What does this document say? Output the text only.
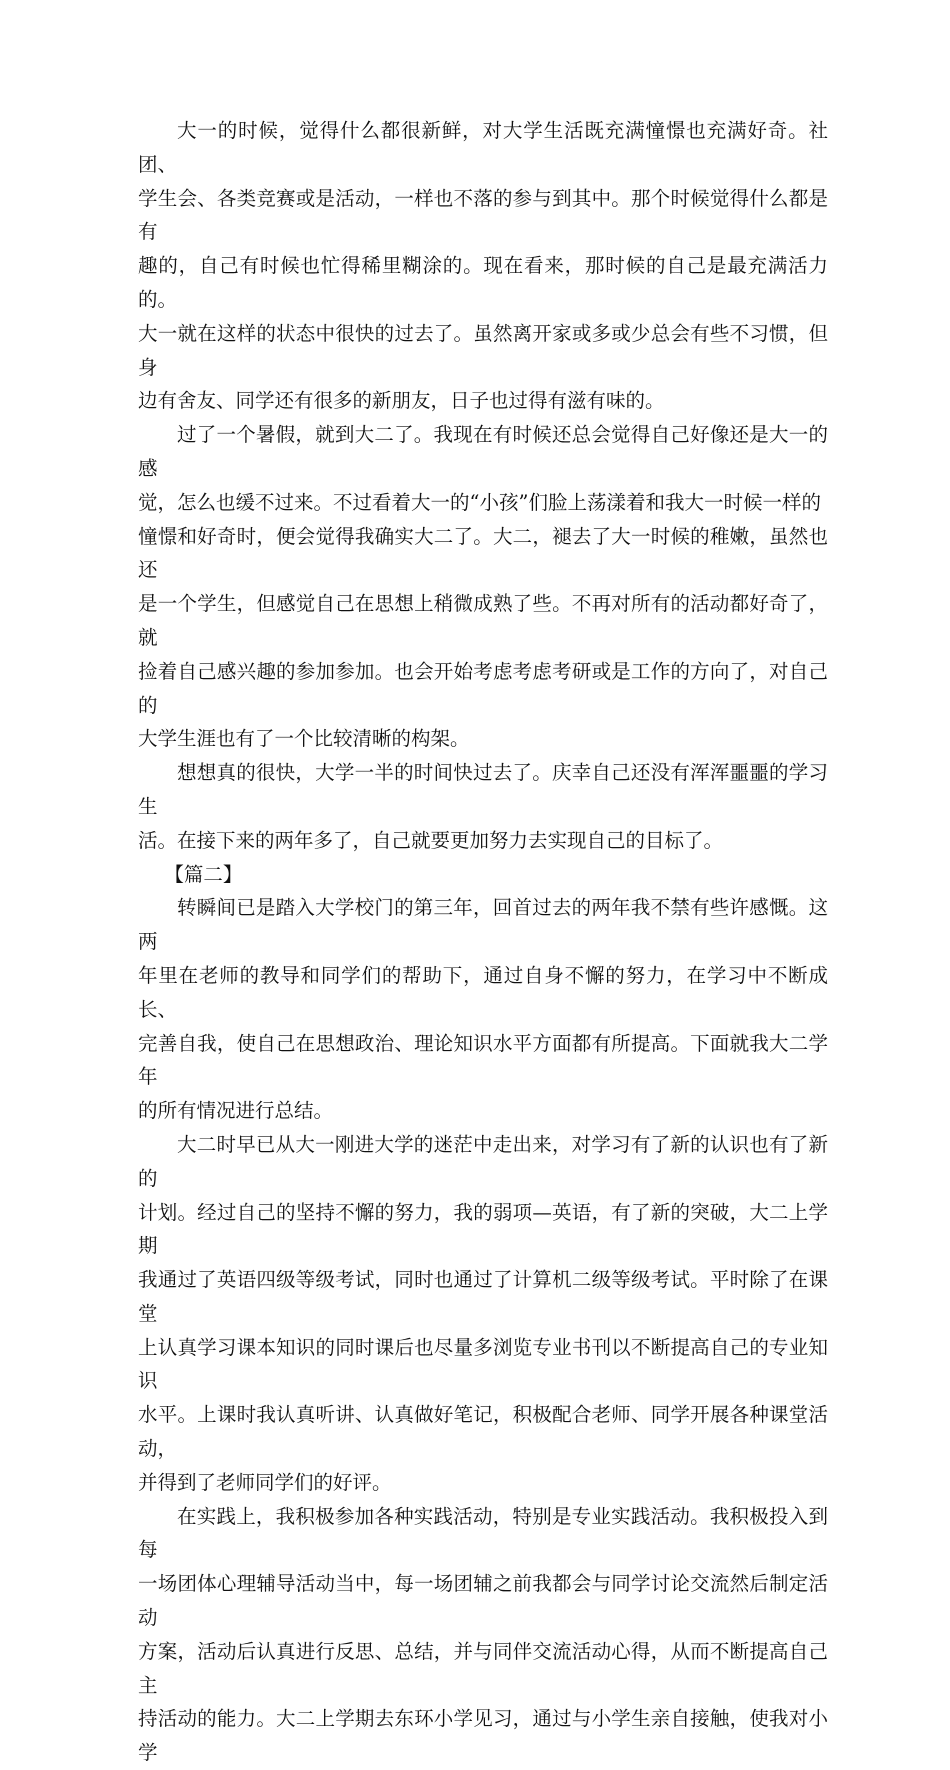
大一的时候，觉得什么都很新鲜，对大学生活既充满憧憬也充满好奇。社团、
学生会、各类竞赛或是活动，一样也不落的参与到其中。那个时候觉得什么都是有
趣的，自己有时候也忙得稀里糊涂的。现在看来，那时候的自己是最充满活力的。
大一就在这样的状态中很快的过去了。虽然离开家或多或少总会有些不习惯，但身
边有舍友、同学还有很多的新朋友，日子也过得有滋有味的。

过了一个暑假，就到大二了。我现在有时候还总会觉得自己好像还是大一的感
觉，怎么也缓不过来。不过看着大一的“小孩”们脸上荡漾着和我大一时候一样的
憧憬和好奇时，便会觉得我确实大二了。大二，褪去了大一时候的稚嫩，虽然也还
是一个学生，但感觉自己在思想上稍微成熟了些。不再对所有的活动都好奇了，就
捡着自己感兴趣的参加参加。也会开始考虑考虑考研或是工作的方向了，对自己的
大学生涯也有了一个比较清晰的构架。

想想真的很快，大学一半的时间快过去了。庆幸自己还没有浑浑噩噩的学习生
活。在接下来的两年多了，自己就要更加努力去实现自己的目标了。

【篇二】

转瞬间已是踏入大学校门的第三年，回首过去的两年我不禁有些许感慨。这两
年里在老师的教导和同学们的帮助下，通过自身不懈的努力，在学习中不断成长、
完善自我，使自己在思想政治、理论知识水平方面都有所提高。下面就我大二学年
的所有情况进行总结。

大二时早已从大一刚进大学的迷茫中走出来，对学习有了新的认识也有了新的
计划。经过自己的坚持不懈的努力，我的弱项—英语，有了新的突破，大二上学期
我通过了英语四级等级考试，同时也通过了计算机二级等级考试。平时除了在课堂
上认真学习课本知识的同时课后也尽量多浏览专业书刊以不断提高自己的专业知识
水平。上课时我认真听讲、认真做好笔记，积极配合老师、同学开展各种课堂活动，
并得到了老师同学们的好评。

在实践上，我积极参加各种实践活动，特别是专业实践活动。我积极投入到每
一场团体心理辅导活动当中，每一场团辅之前我都会与同学讨论交流然后制定活动
方案，活动后认真进行反思、总结，并与同伴交流活动心得，从而不断提高自己主
持活动的能力。大二上学期去东环小学见习，通过与小学生亲自接触，使我对小学
